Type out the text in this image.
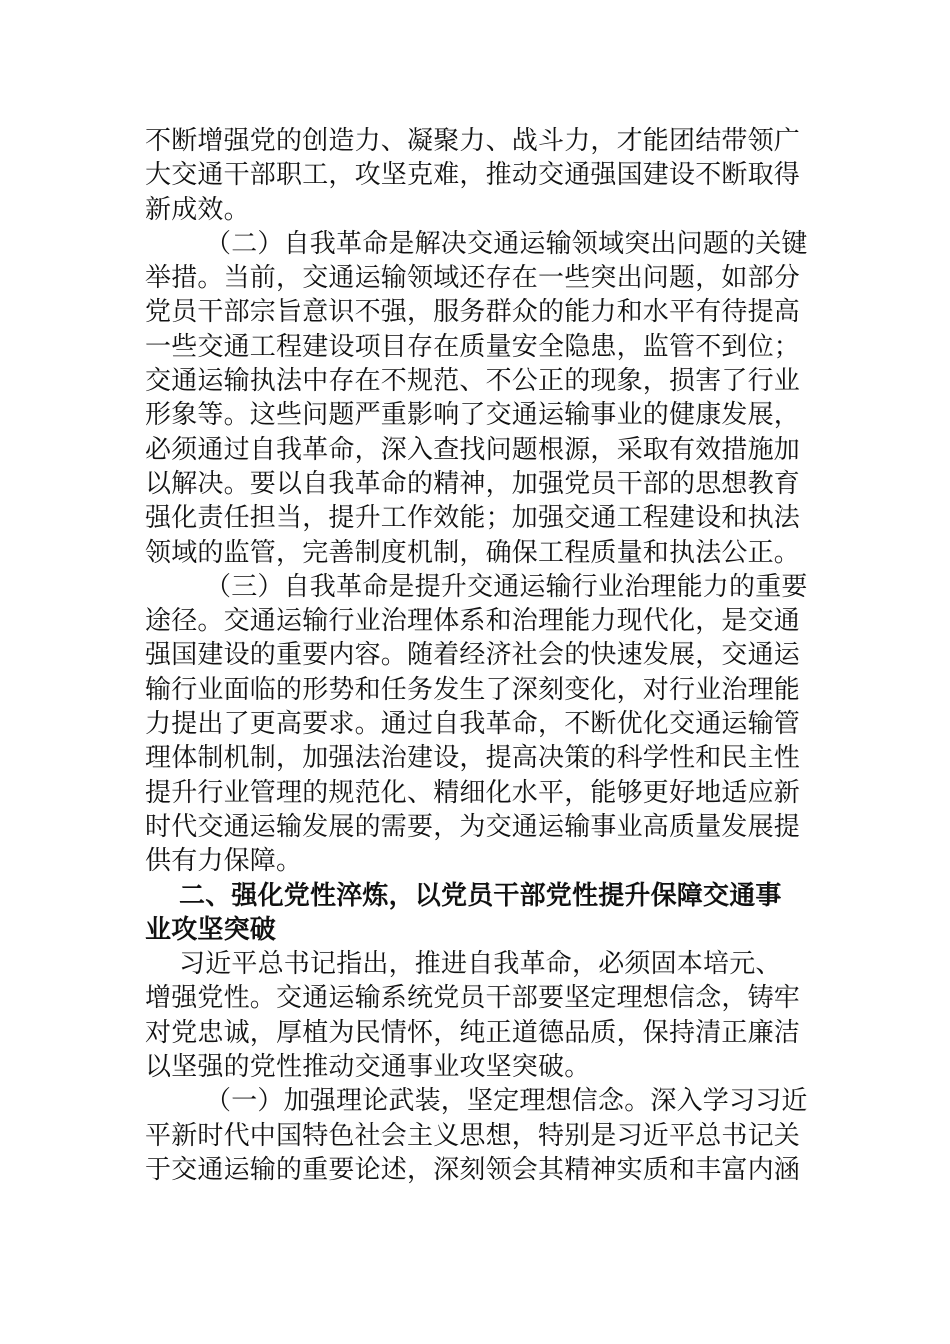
不断增强党的创造力、凝聚力、战斗力，才能团结带领广
大交通干部职工，攻坚克难，推动交通强国建设不断取得
新成效。
（二）自我革命是解决交通运输领域突出问题的关键
举措。当前，交通运输领域还存在一些突出问题，如部分
党员干部宗旨意识不强，服务群众的能力和水平有待提高
一些交通工程建设项目存在质量安全隐患，监管不到位；
交通运输执法中存在不规范、不公正的现象，损害了行业
形象等。这些问题严重影响了交通运输事业的健康发展，
必须通过自我革命，深入查找问题根源，采取有效措施加
以解决。要以自我革命的精神，加强党员干部的思想教育
强化责任担当，提升工作效能；加强交通工程建设和执法
领域的监管，完善制度机制，确保工程质量和执法公正。
（三）自我革命是提升交通运输行业治理能力的重要
途径。交通运输行业治理体系和治理能力现代化，是交通
强国建设的重要内容。随着经济社会的快速发展，交通运
输行业面临的形势和任务发生了深刻变化，对行业治理能
力提出了更高要求。通过自我革命，不断优化交通运输管
理体制机制，加强法治建设，提高决策的科学性和民主性
提升行业管理的规范化、精细化水平，能够更好地适应新
时代交通运输发展的需要，为交通运输事业高质量发展提
供有力保障。
二、强化党性淬炼，以党员干部党性提升保障交通事
业攻坚突破
习近平总书记指出，推进自我革命，必须固本培元、
增强党性。交通运输系统党员干部要坚定理想信念，铸牢
对党忠诚，厚植为民情怀，纯正道德品质，保持清正廉洁
以坚强的党性推动交通事业攻坚突破。
（一）加强理论武装，坚定理想信念。深入学习习近
平新时代中国特色社会主义思想，特别是习近平总书记关
于交通运输的重要论述，深刻领会其精神实质和丰富内涵
